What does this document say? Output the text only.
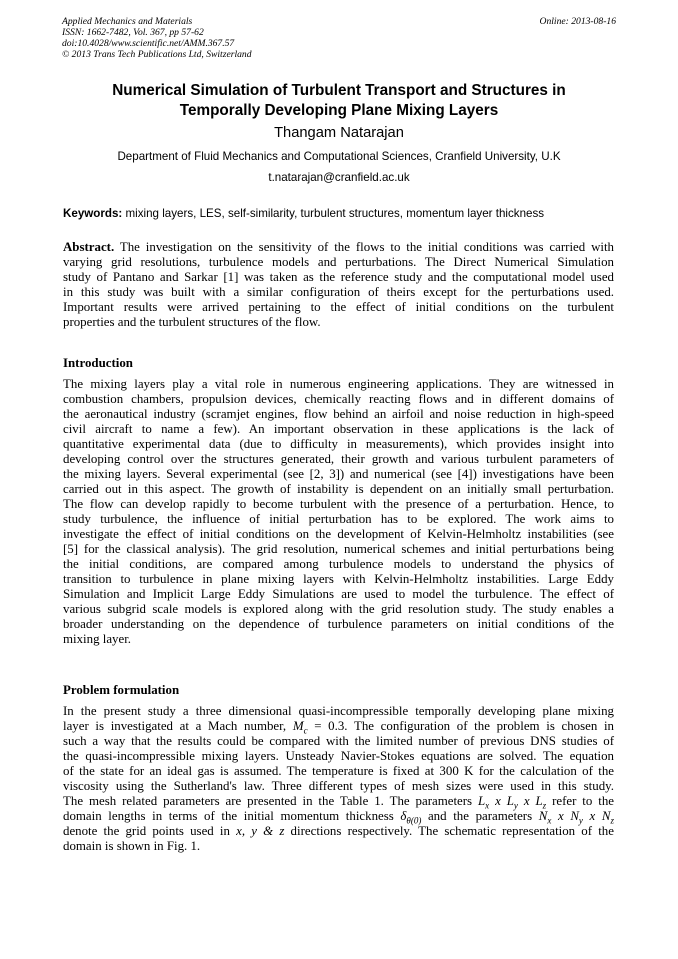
Applied Mechanics and Materials
ISSN: 1662-7482, Vol. 367, pp 57-62
doi:10.4028/www.scientific.net/AMM.367.57
© 2013 Trans Tech Publications Ltd, Switzerland
Online: 2013-08-16
Numerical Simulation of Turbulent Transport and Structures in
Temporally Developing Plane Mixing Layers
Thangam Natarajan
Department of Fluid Mechanics and Computational Sciences, Cranfield University, U.K
t.natarajan@cranfield.ac.uk
Keywords: mixing layers, LES, self-similarity, turbulent structures, momentum layer thickness
Abstract. The investigation on the sensitivity of the flows to the initial conditions was carried with
varying grid resolutions, turbulence models and perturbations. The Direct Numerical Simulation
study of Pantano and Sarkar [1] was taken as the reference study and the computational model used
in this study was built with a similar configuration of theirs except for the perturbations used.
Important results were arrived pertaining to the effect of initial conditions on the turbulent
properties and the turbulent structures of the flow.
Introduction
The mixing layers play a vital role in numerous engineering applications. They are witnessed in
combustion chambers, propulsion devices, chemically reacting flows and in different domains of
the aeronautical industry (scramjet engines, flow behind an airfoil and noise reduction in high-speed
civil aircraft to name a few). An important observation in these applications is the lack of
quantitative experimental data (due to difficulty in measurements), which provides insight into
developing control over the structures generated, their growth and various turbulent parameters of
the mixing layers. Several experimental (see [2, 3]) and numerical (see [4]) investigations have been
carried out in this aspect. The growth of instability is dependent on an initially small perturbation.
The flow can develop rapidly to become turbulent with the presence of a perturbation. Hence, to
study turbulence, the influence of initial perturbation has to be explored. The work aims to
investigate the effect of initial conditions on the development of Kelvin-Helmholtz instabilities (see
[5] for the classical analysis). The grid resolution, numerical schemes and initial perturbations being
the initial conditions, are compared among turbulence models to understand the physics of
transition to turbulence in plane mixing layers with Kelvin-Helmholtz instabilities. Large Eddy
Simulation and Implicit Large Eddy Simulations are used to model the turbulence. The effect of
various subgrid scale models is explored along with the grid resolution study. The study enables a
broader understanding on the dependence of turbulence parameters on initial conditions of the
mixing layer.
Problem formulation
In the present study a three dimensional quasi-incompressible temporally developing plane mixing
layer is investigated at a Mach number, $M_c = 0.3$. The configuration of the problem is chosen in
such a way that the results could be compared with the limited number of previous DNS studies of
the quasi-incompressible mixing layers. Unsteady Navier-Stokes equations are solved. The equation
of the state for an ideal gas is assumed. The temperature is fixed at 300 K for the calculation of the
viscosity using the Sutherland's law. Three different types of mesh sizes were used in this study.
The mesh related parameters are presented in the Table 1. The parameters $L_x$ x $L_y$ x $L_z$ refer to the
domain lengths in terms of the initial momentum thickness $\delta_{\theta(0)}$ and the parameters $N_x$ x $N_y$ x $N_z$
denote the grid points used in x, y & z directions respectively. The schematic representation of the
domain is shown in Fig. 1.
